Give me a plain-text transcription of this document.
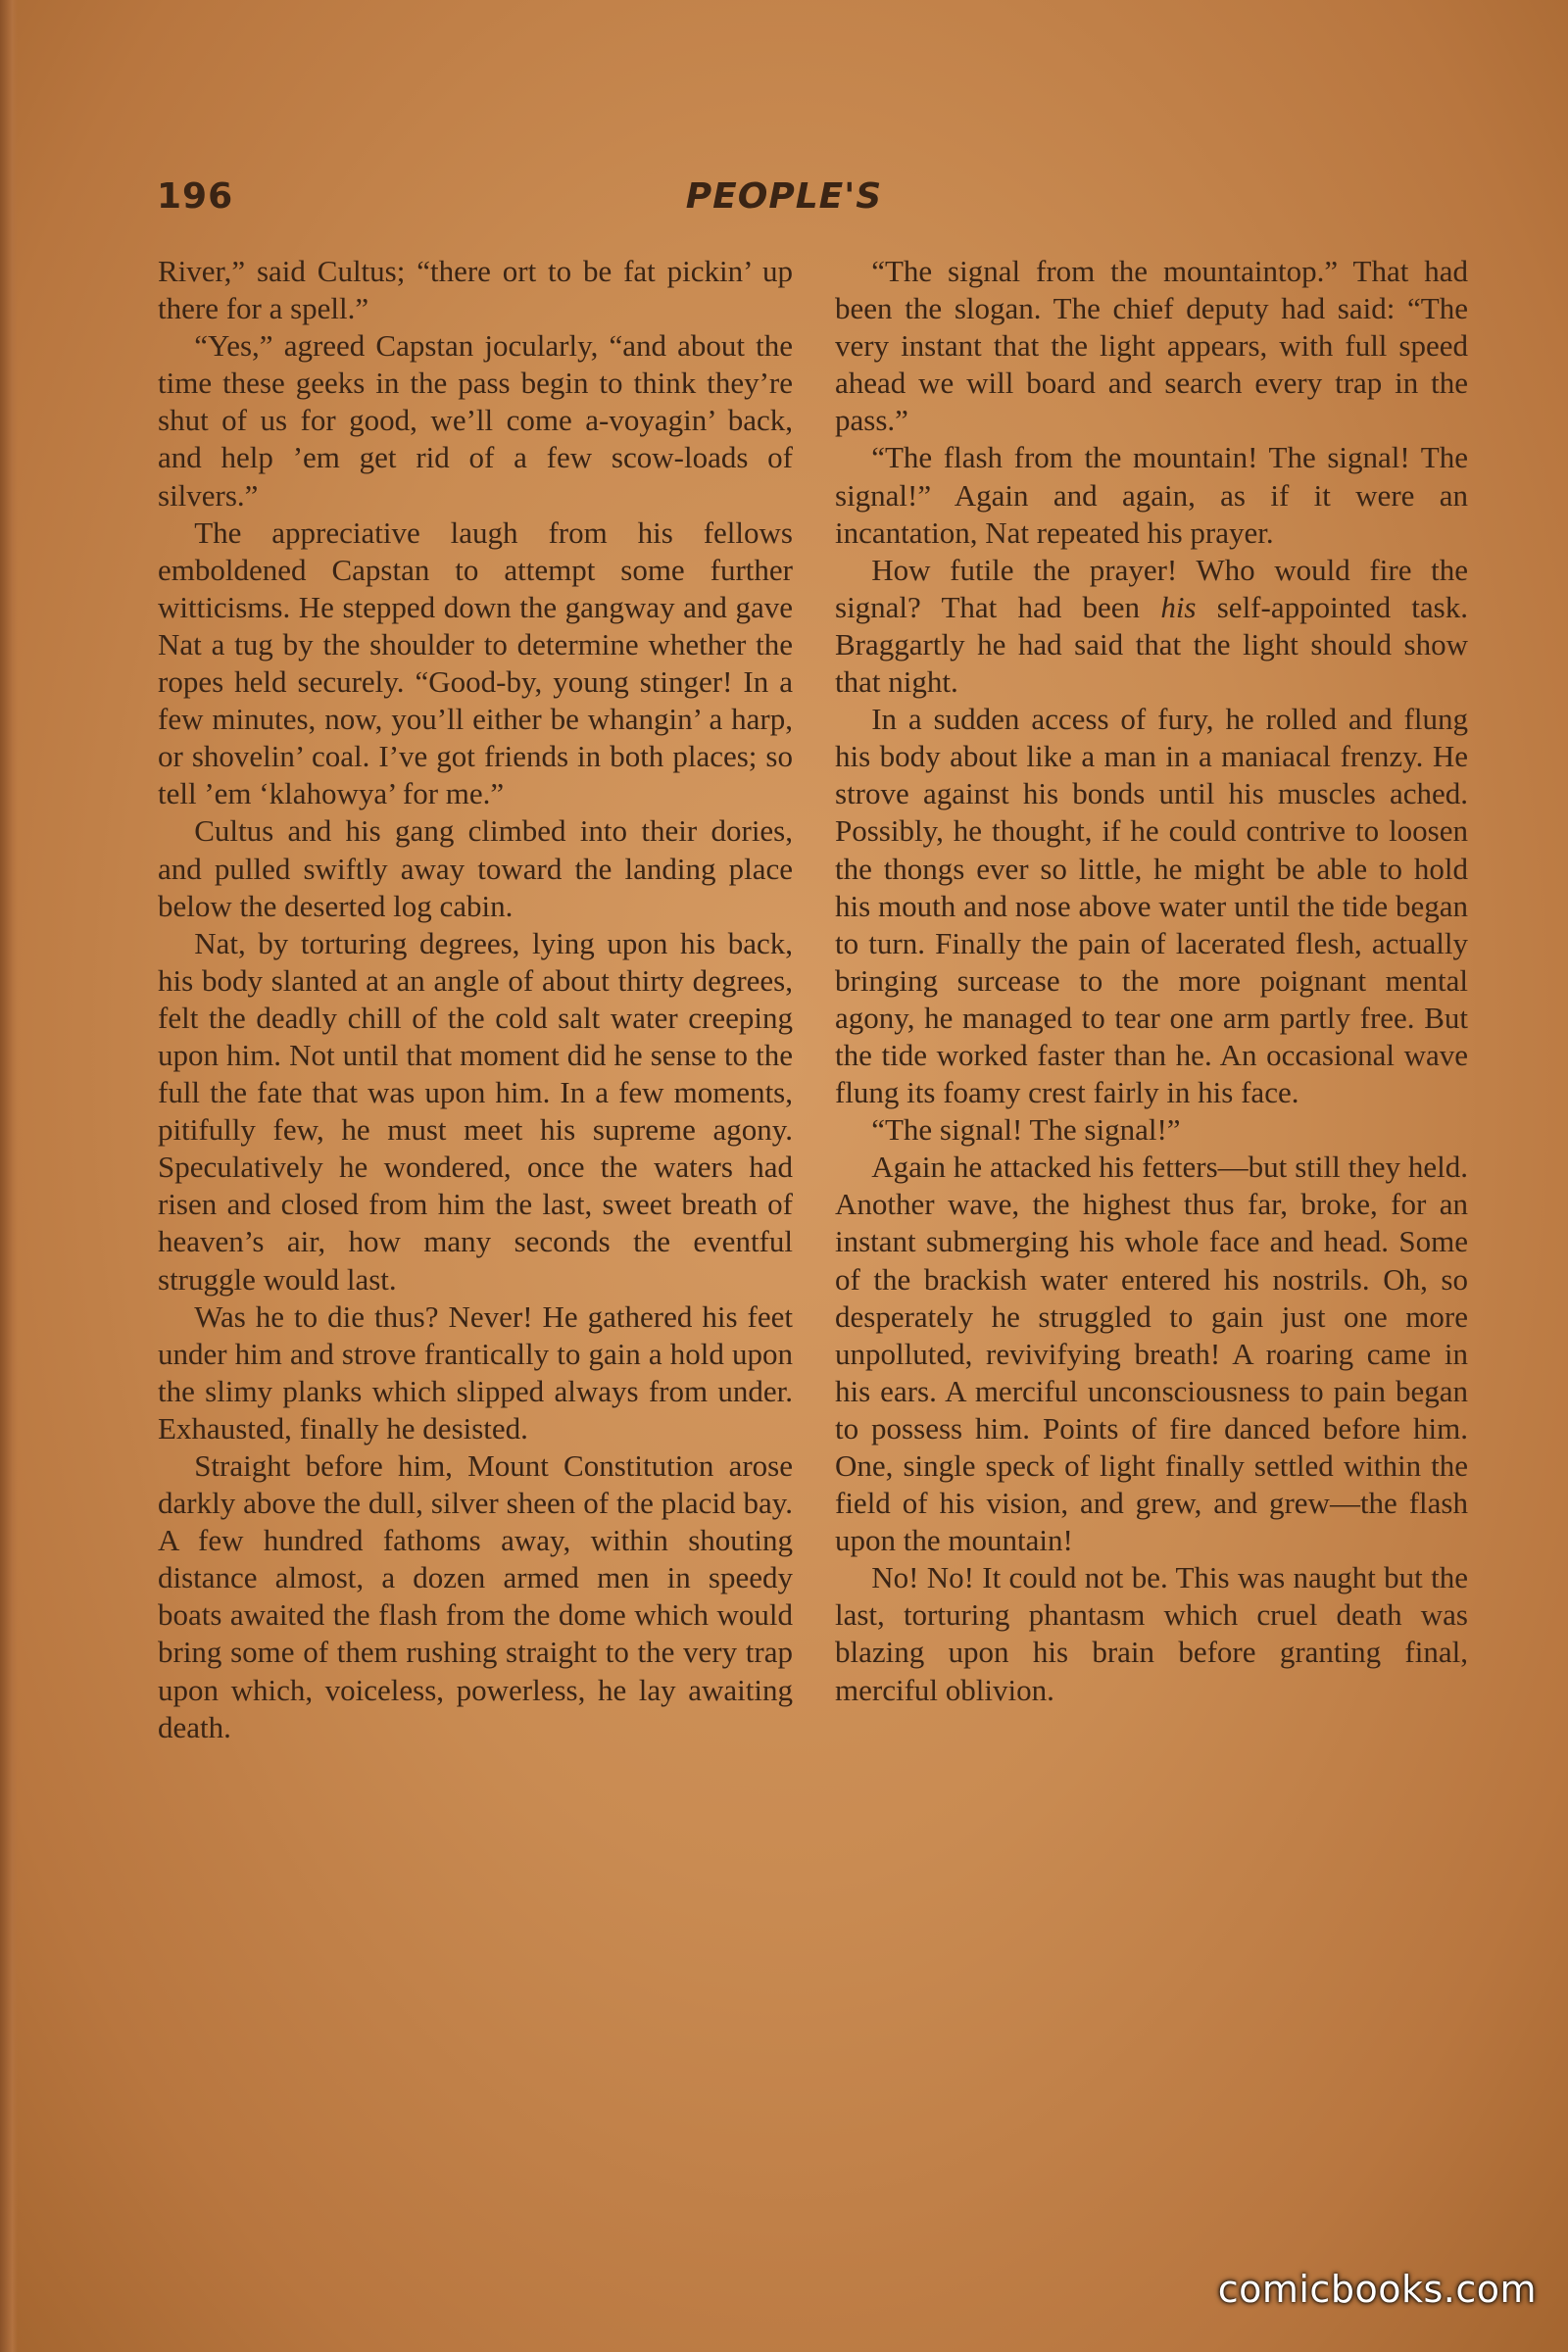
196	PEOPLE'S

River,” said Cultus; “there ort to be fat pickin’ up there for a spell.”

“Yes,” agreed Capstan jocularly, “and about the time these geeks in the pass begin to think they’re shut of us for good, we’ll come a-voyagin’ back, and help ’em get rid of a few scow-loads of silvers.”

The appreciative laugh from his fellows emboldened Capstan to attempt some further witticisms. He stepped down the gangway and gave Nat a tug by the shoulder to determine whether the ropes held securely. “Good-by, young stinger! In a few minutes, now, you’ll either be whangin’ a harp, or shovelin’ coal. I’ve got friends in both places; so tell ’em ‘klahowya’ for me.”

Cultus and his gang climbed into their dories, and pulled swiftly away toward the landing place below the deserted log cabin.

Nat, by torturing degrees, lying upon his back, his body slanted at an angle of about thirty degrees, felt the deadly chill of the cold salt water creeping upon him. Not until that moment did he sense to the full the fate that was upon him. In a few moments, pitifully few, he must meet his supreme agony. Speculatively he wondered, once the waters had risen and closed from him the last, sweet breath of heaven’s air, how many seconds the eventful struggle would last.

Was he to die thus? Never! He gathered his feet under him and strove frantically to gain a hold upon the slimy planks which slipped always from under. Exhausted, finally he desisted.

Straight before him, Mount Constitution arose darkly above the dull, silver sheen of the placid bay. A few hundred fathoms away, within shouting distance almost, a dozen armed men in speedy boats awaited the flash from the dome which would bring some of them rushing straight to the very trap upon which, voiceless, powerless, he lay awaiting death.

“The signal from the mountaintop.” That had been the slogan. The chief deputy had said: “The very instant that the light appears, with full speed ahead we will board and search every trap in the pass.”

“The flash from the mountain! The signal! The signal!” Again and again, as if it were an incantation, Nat repeated his prayer.

How futile the prayer! Who would fire the signal? That had been his self-appointed task. Braggartly he had said that the light should show that night.

In a sudden access of fury, he rolled and flung his body about like a man in a maniacal frenzy. He strove against his bonds until his muscles ached. Possibly, he thought, if he could contrive to loosen the thongs ever so little, he might be able to hold his mouth and nose above water until the tide began to turn. Finally the pain of lacerated flesh, actually bringing surcease to the more poignant mental agony, he managed to tear one arm partly free. But the tide worked faster than he. An occasional wave flung its foamy crest fairly in his face.

“The signal! The signal!”

Again he attacked his fetters—but still they held. Another wave, the highest thus far, broke, for an instant submerging his whole face and head. Some of the brackish water entered his nostrils. Oh, so desperately he struggled to gain just one more unpolluted, revivifying breath! A roaring came in his ears. A merciful unconsciousness to pain began to possess him. Points of fire danced before him. One, single speck of light finally settled within the field of his vision, and grew, and grew—the flash upon the mountain!

No! No! It could not be. This was naught but the last, torturing phantasm which cruel death was blazing upon his brain before granting final, merciful oblivion.

comicbooks.com
